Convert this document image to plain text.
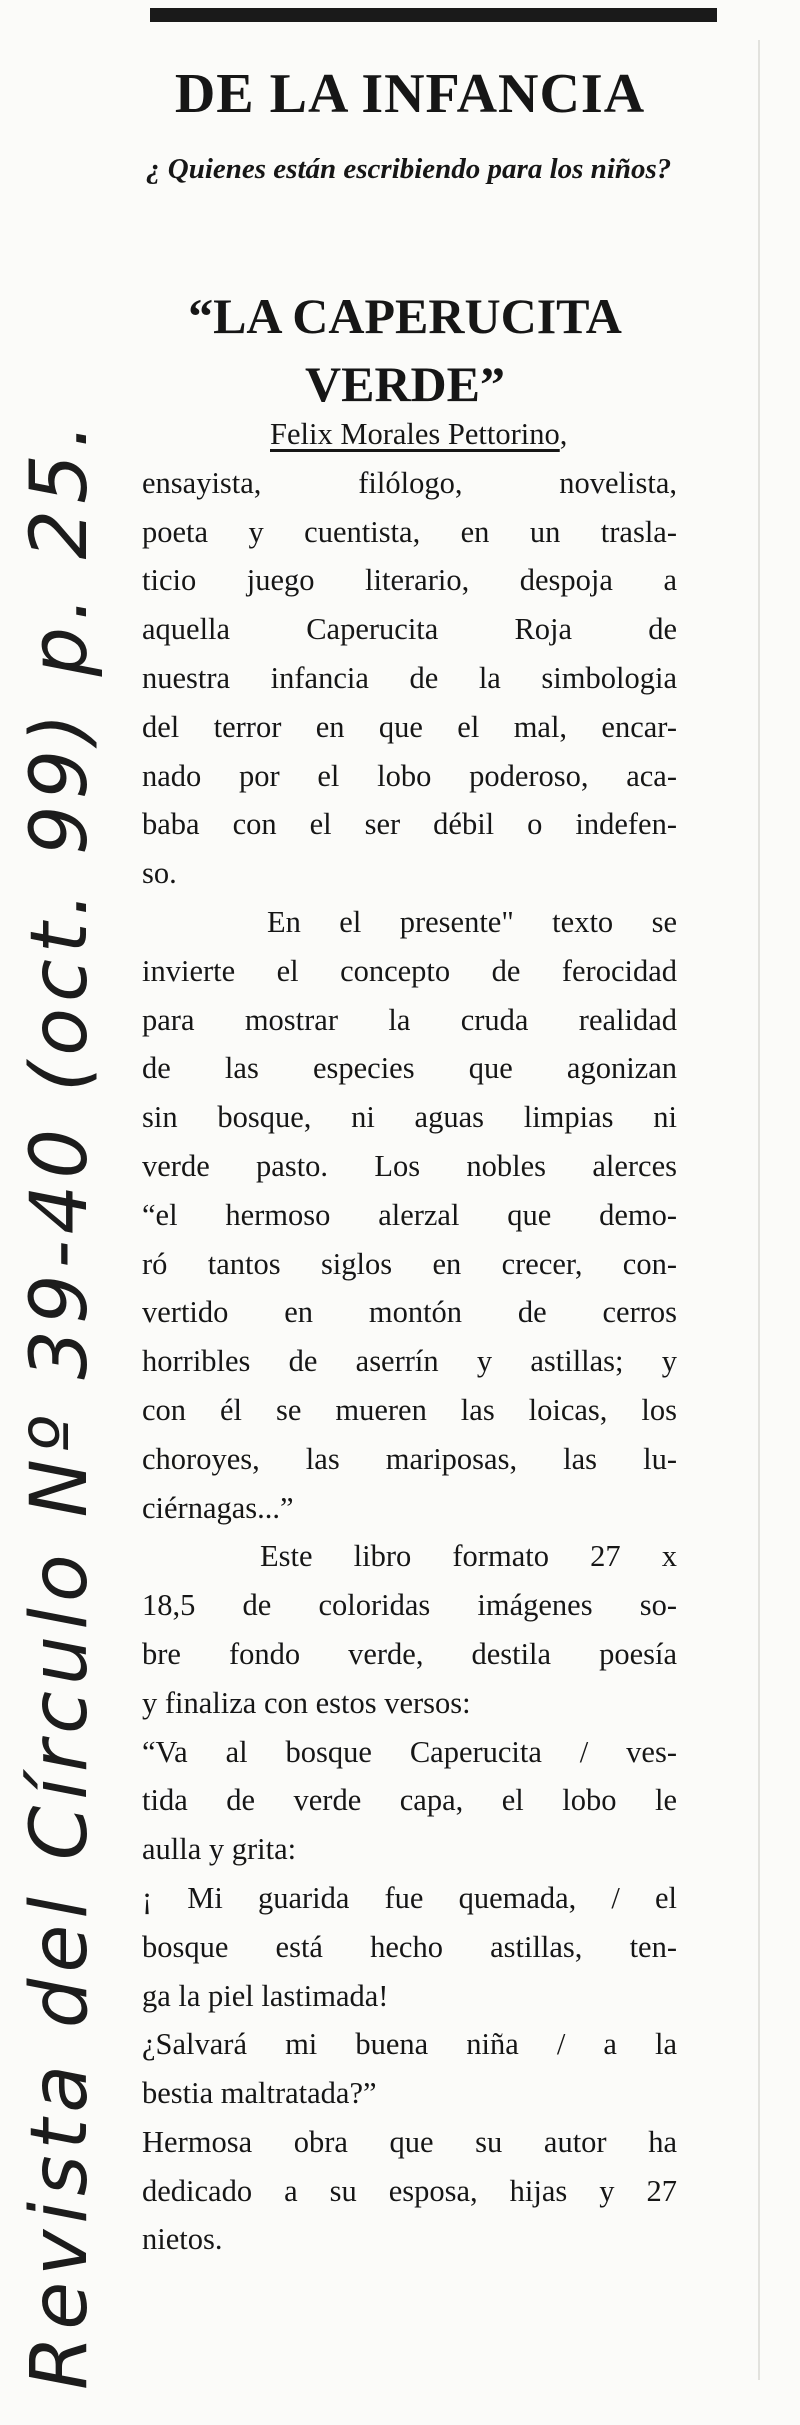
DE LA INFANCIA

¿ Quienes están escribiendo para los niños?

“LA CAPERUCITA
VERDE”
Felix Morales Pettorino,
ensayista, filólogo, novelista,
poeta y cuentista, en un trasla-
ticio juego literario, despoja a
aquella Caperucita Roja de
nuestra infancia de la simbologia
del terror en que el mal, encar-
nado por el lobo poderoso, aca-
baba con el ser débil o indefen-
so.
En el presente" texto se
invierte el concepto de ferocidad
para mostrar la cruda realidad
de las especies que agonizan
sin bosque, ni aguas limpias ni
verde pasto. Los nobles alerces
“el hermoso alerzal que demo-
ró tantos siglos en crecer, con-
vertido en montón de cerros
horribles de aserrín y astillas; y
con él se mueren las loicas, los
choroyes, las mariposas, las lu-
ciérnagas...”
Este libro formato 27 x
18,5 de coloridas imágenes so-
bre fondo verde, destila poesía
y finaliza con estos versos:
“Va al bosque Caperucita / ves-
tida de verde capa, el lobo le
aulla y grita:
¡ Mi guarida fue quemada, / el
bosque está hecho astillas, ten-
ga la piel lastimada!
¿Salvará mi buena niña / a la
bestia maltratada?”
Hermosa obra que su autor ha
dedicado a su esposa, hijas y 27
nietos.

Revista del Círculo Nº 39-40 (oct. 99) p. 25.
